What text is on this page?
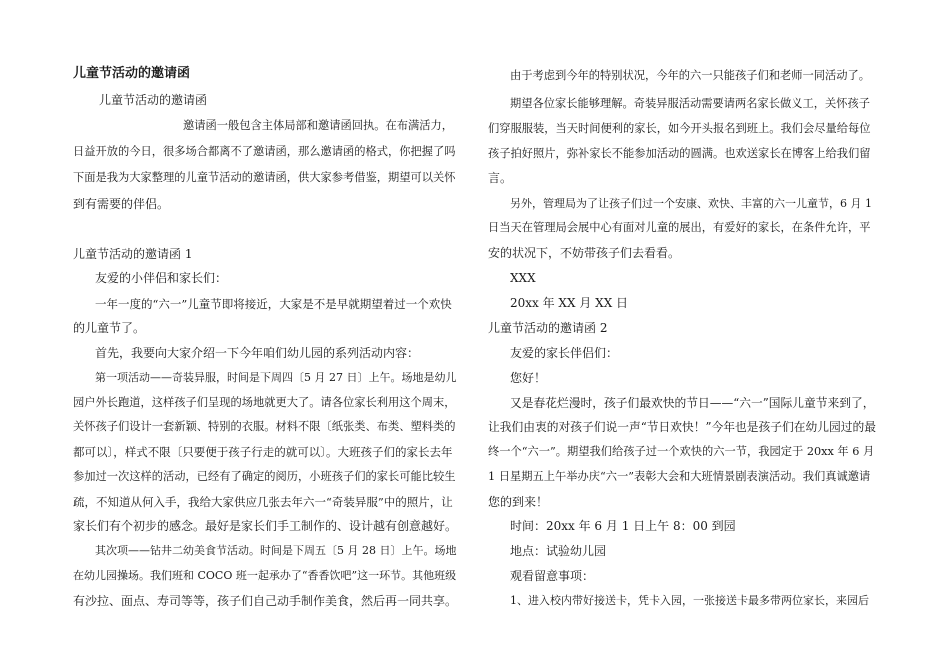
儿童节活动的邀请函
儿童节活动的邀请函
邀请函一般包含主体局部和邀请函回执。在布满活力，
日益开放的今日，很多场合都离不了邀请函，那么邀请函的格式，你把握了吗
下面是我为大家整理的儿童节活动的邀请函，供大家参考借鉴，期望可以关怀
到有需要的伴侣。
儿童节活动的邀请函 1
友爱的小伴侣和家长们：
一年一度的“六一”儿童节即将接近，大家是不是早就期望着过一个欢快
的儿童节了。
首先，我要向大家介绍一下今年咱们幼儿园的系列活动内容：
第一项活动——奇装异服，时间是下周四〔5 月 27 日〕上午。场地是幼儿
园户外长跑道，这样孩子们呈现的场地就更大了。请各位家长利用这个周末，
关怀孩子们设计一套新颖、特别的衣服。材料不限〔纸张类、布类、塑料类的
都可以〕，样式不限〔只要便于孩子行走的就可以〕。大班孩子们的家长去年
参加过一次这样的活动，已经有了确定的阅历，小班孩子们的家长可能比较生
疏，不知道从何入手，我给大家供应几张去年六一“奇装异服”中的照片，让
家长们有个初步的感念。最好是家长们手工制作的、设计越有创意越好。
其次项——钻井二幼美食节活动。时间是下周五〔5 月 28 日〕上午。场地
在幼儿园操场。我们班和 COCO 班一起承办了“香香饮吧”这一环节。其他班级
有沙拉、面点、寿司等等，孩子们自己动手制作美食，然后再一同共享。
由于考虑到今年的特别状况，今年的六一只能孩子们和老师一同活动了。
期望各位家长能够理解。奇装异服活动需要请两名家长做义工，关怀孩子
们穿服服装，当天时间便利的家长，如今开头报名到班上。我们会尽量给每位
孩子拍好照片，弥补家长不能参加活动的圆满。也欢送家长在博客上给我们留
言。
另外，管理局为了让孩子们过一个安康、欢快、丰富的六一儿童节，6 月 1
日当天在管理局会展中心有面对儿童的展出，有爱好的家长，在条件允许，平
安的状况下，不妨带孩子们去看看。
XXX
20xx 年 XX 月 XX 日
儿童节活动的邀请函 2
友爱的家长伴侣们：
您好！
又是春花烂漫时，孩子们最欢快的节日——“六一”国际儿童节来到了，
让我们由衷的对孩子们说一声“节日欢快！”今年也是孩子们在幼儿园过的最
终一个“六一”。期望我们给孩子过一个欢快的六一节，我园定于 20xx 年 6 月
1 日星期五上午举办庆“六一”表彰大会和大班情景剧表演活动。我们真诚邀请
您的到来！
时间：20xx 年 6 月 1 日上午 8：00 到园
地点：试验幼儿园
观看留意事项：
1、进入校内带好接送卡，凭卡入园，一张接送卡最多带两位家长，来园后
